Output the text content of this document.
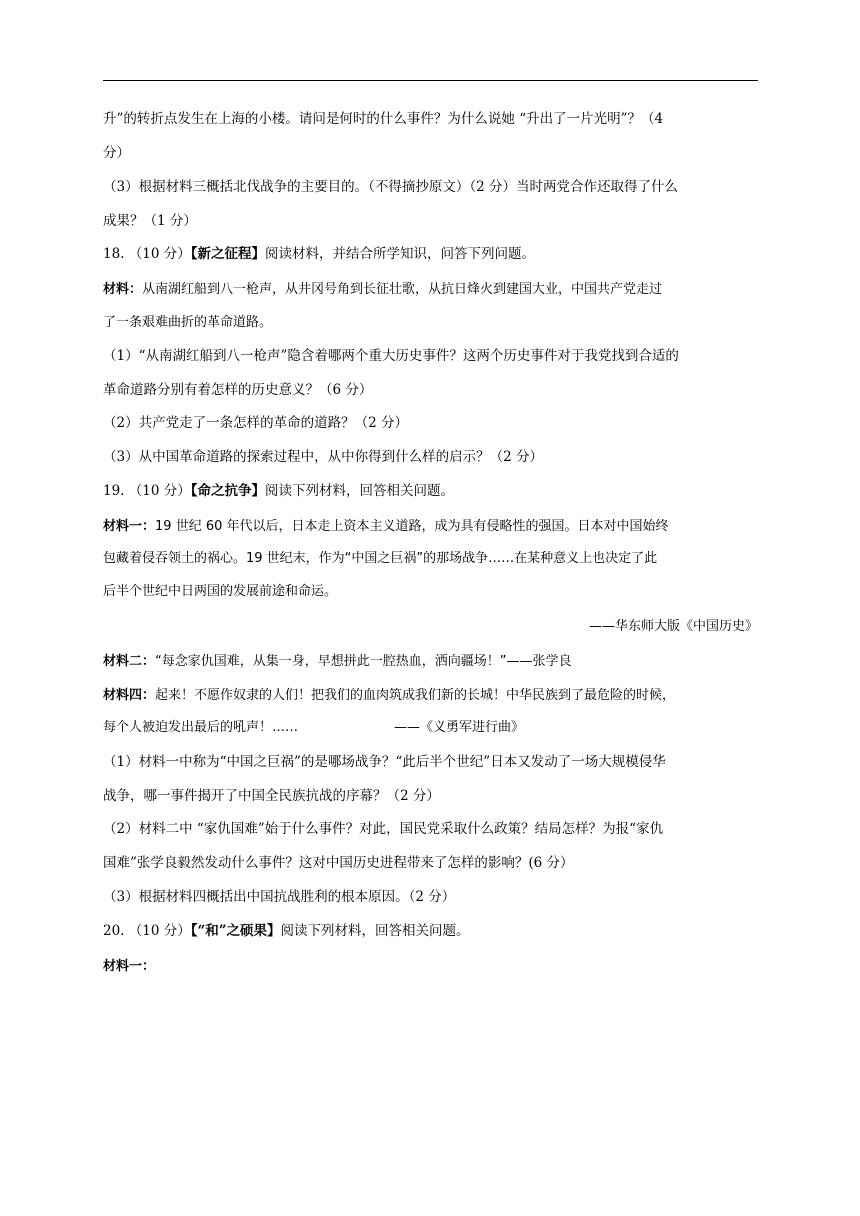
升”的转折点发生在上海的小楼。请问是何时的什么事件？为什么说她 “升出了一片光明”？（4
分）
（3）根据材料三概括北伐战争的主要目的。（不得摘抄原文）（2 分）当时两党合作还取得了什么
成果？（1 分）
18. （10 分）【新之征程】阅读材料，并结合所学知识，问答下列问题。
材料：从南湖红船到八一枪声，从井冈号角到长征壮歌，从抗日烽火到建国大业，中国共产党走过
了一条艰难曲折的革命道路。
（1）“从南湖红船到八一枪声”隐含着哪两个重大历史事件？这两个历史事件对于我党找到合适的
革命道路分别有着怎样的历史意义？（6 分）
（2）共产党走了一条怎样的革命的道路？（2 分）
（3）从中国革命道路的探索过程中，从中你得到什么样的启示？（2 分）
19. （10 分）【命之抗争】阅读下列材料，回答相关问题。
材料一：19 世纪 60 年代以后，日本走上资本主义道路，成为具有侵略性的强国。日本对中国始终
包藏着侵吞领土的祸心。19 世纪末，作为“中国之巨祸”的那场战争……在某种意义上也决定了此
后半个世纪中日两国的发展前途和命运。
——华东师大版《中国历史》
材料二：“每念家仇国难，从集一身，早想拼此一腔热血，洒向疆场！”——张学良
材料四：起来！不愿作奴隶的人们！把我们的血肉筑成我们新的长城！中华民族到了最危险的时候，
每个人被迫发出最后的吼声！……	——《义勇军进行曲》
（1）材料一中称为“中国之巨祸”的是哪场战争？“此后半个世纪”日本又发动了一场大规模侵华
战争，哪一事件揭开了中国全民族抗战的序幕？（2 分）
（2）材料二中 “家仇国难”始于什么事件？对此，国民党采取什么政策？结局怎样？为报“家仇
国难”张学良毅然发动什么事件？这对中国历史进程带来了怎样的影响？(6 分）
（3）根据材料四概括出中国抗战胜利的根本原因。（2 分）
20. （10 分）【“和”之硕果】阅读下列材料，回答相关问题。
材料一：
